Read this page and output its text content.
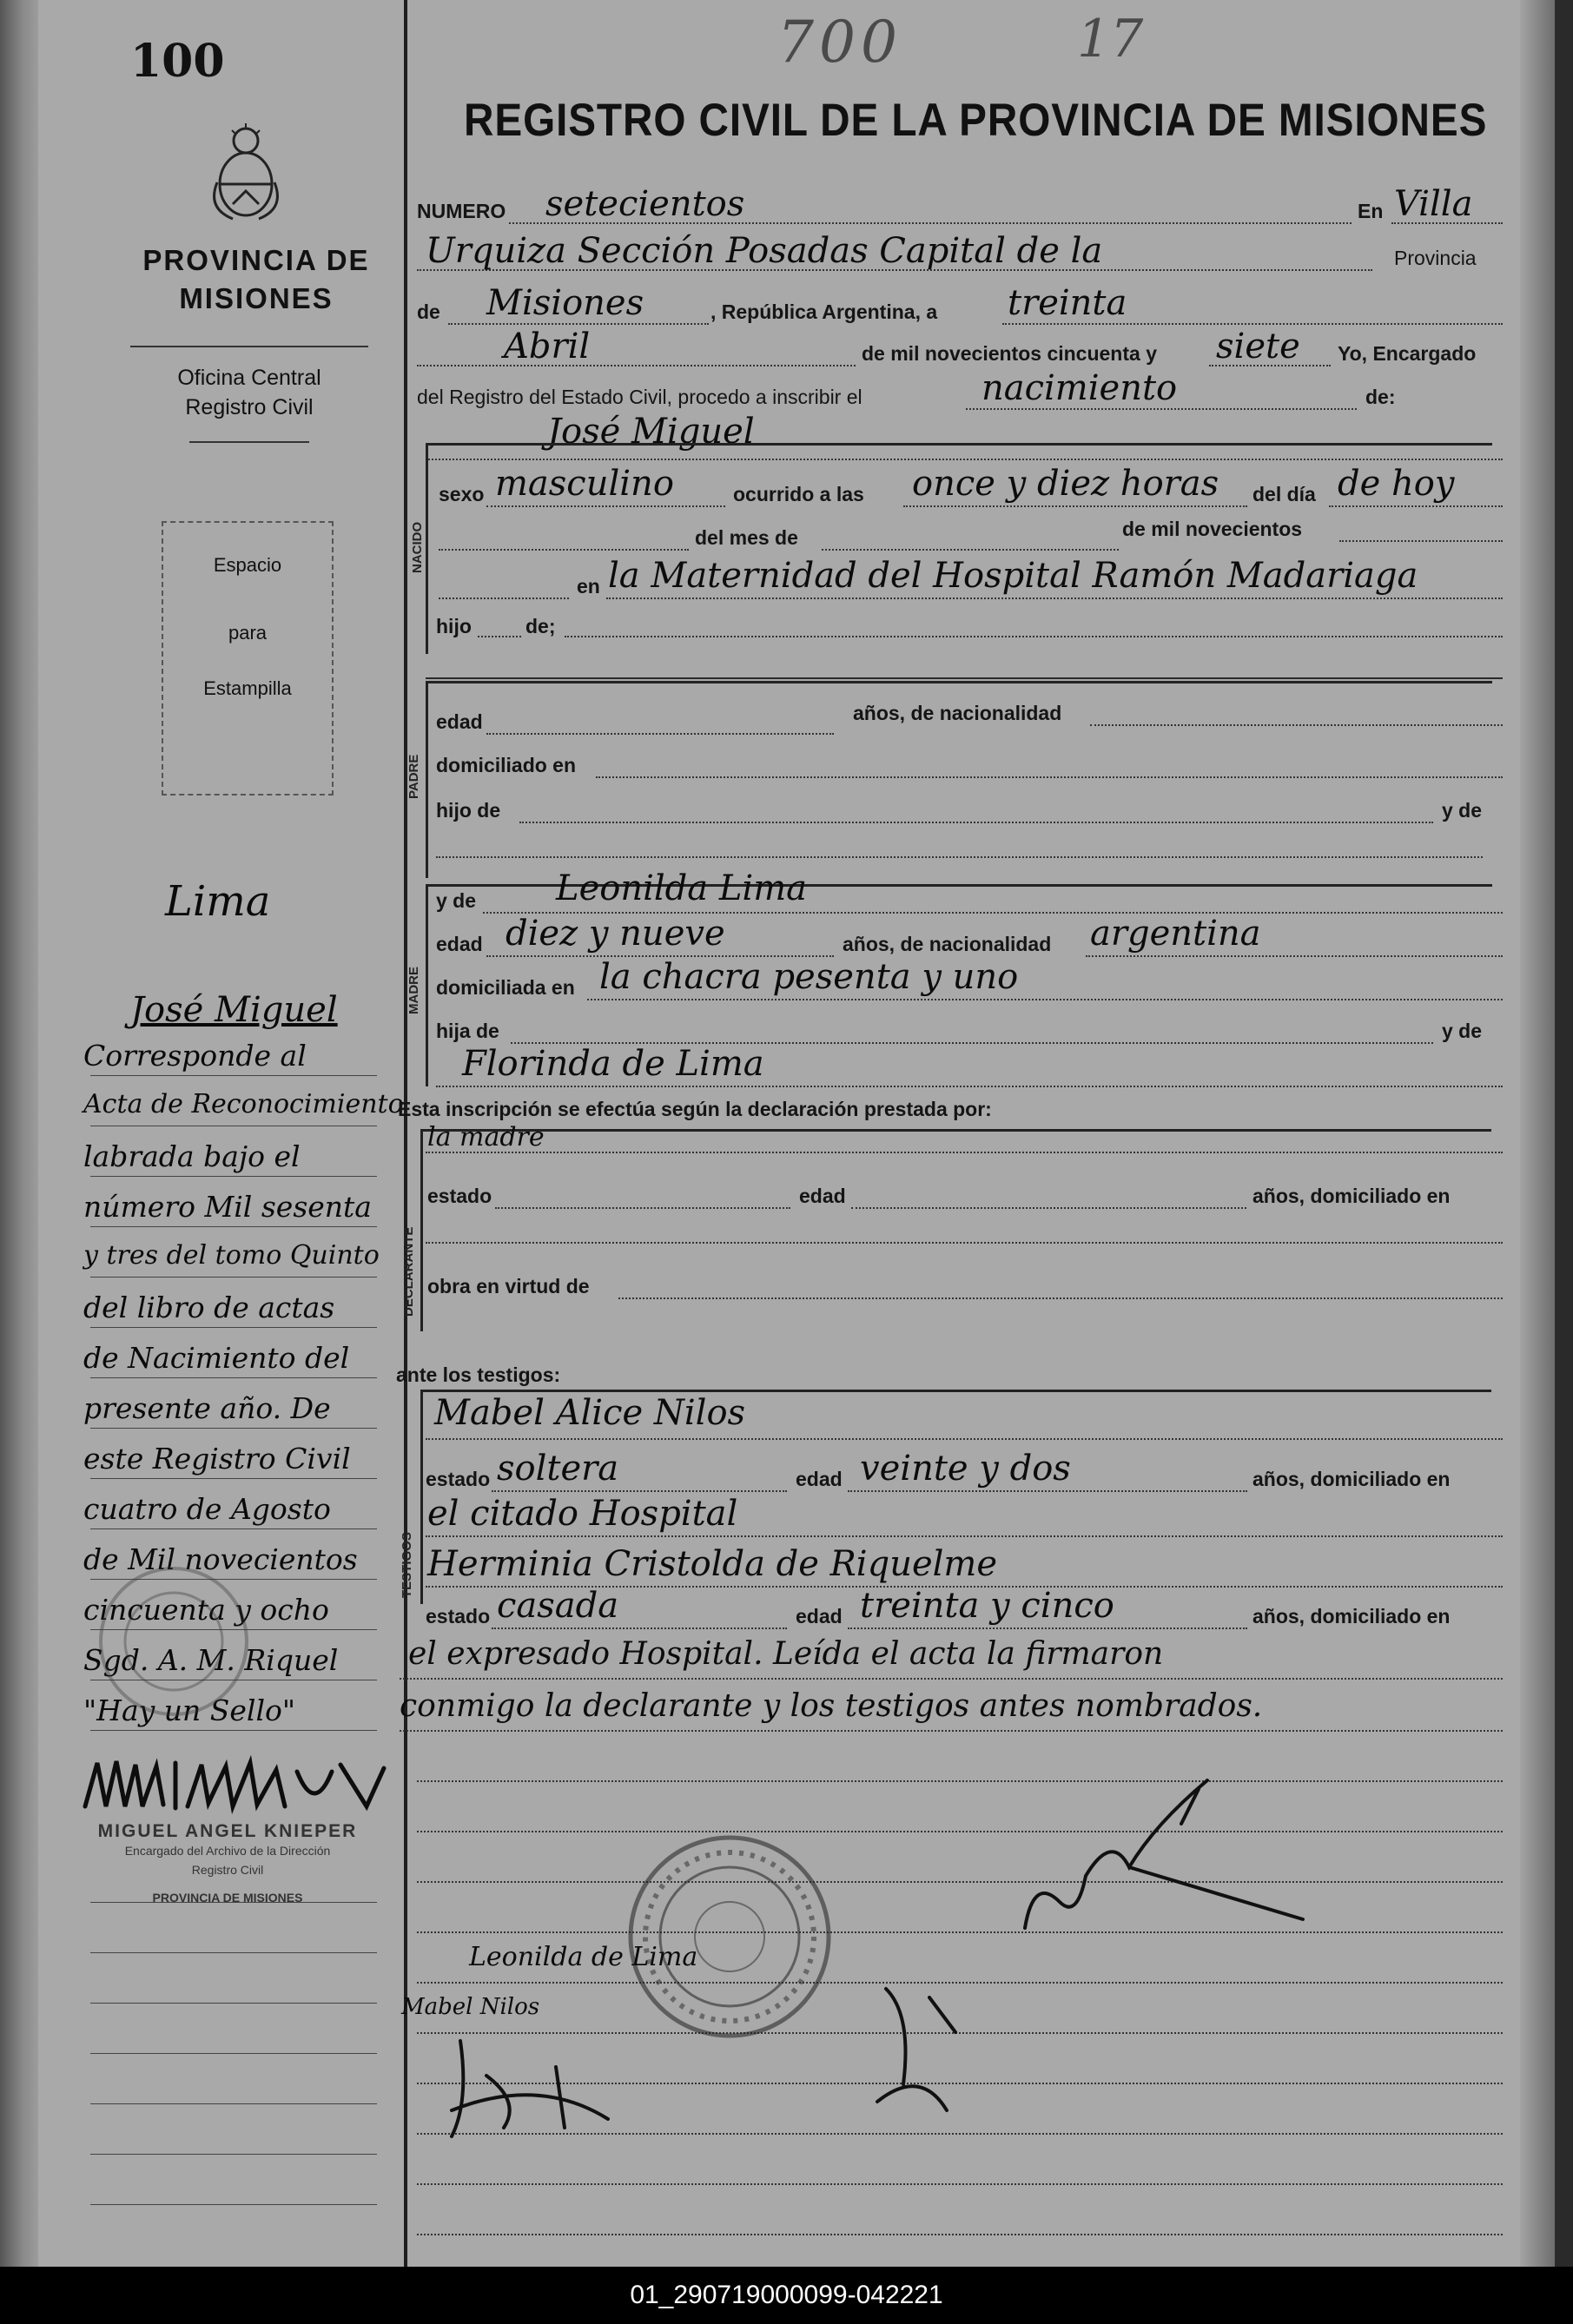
100
PROVINCIA DE
MISIONES
Oficina Central
Registro Civil
Espacio
para
Estampilla
Lima
José Miguel
Corresponde al
Acta de Reconocimiento
labrada bajo el
número Mil sesenta
y tres del tomo Quinto
del libro de actas
de Nacimiento del
presente año. De
este Registro Civil
cuatro de Agosto
de Mil novecientos
cincuenta y ocho
Sgd. A. M. Riquel
"Hay un Sello"
MIGUEL ANGEL KNIEPER
Encargado del Archivo de la Dirección
Registro Civil
PROVINCIA DE MISIONES
700	17
REGISTRO CIVIL DE LA PROVINCIA DE MISIONES
NUMERO setecientos	En Villa
Urquiza Sección Posadas Capital de la	Provincia
de Misiones	, República Argentina, a treinta
Abril	de mil novecientos cincuenta y siete Yo, Encargado
del Registro del Estado Civil, procedo a inscribir el	nacimiento	de:
José Miguel
NACIDO
sexo masculino	ocurrido a las once y diez horas del día de hoy
del mes de	de mil novecientos
en la Maternidad del Hospital Ramón Madariaga
hijo	de;
PADRE
edad	años, de nacionalidad
domiciliado en
hijo de	y de
MADRE
y de Leonilda Lima
edad diez y nueve	años, de nacionalidad argentina
domiciliada en la chacra pesenta y uno
hija de	y de
Florinda de Lima
Esta inscripción se efectúa según la declaración prestada por:
DECLARANTE
la madre
estado	edad	años, domiciliado en
obra en virtud de
ante los testigos:
TESTIGOS
Mabel Alice Nilos
estado soltera	edad veinte y dos	años, domiciliado en
el citado Hospital
Herminia Cristolda de Riquelme
estado casada	edad treinta y cinco	años, domiciliado en
el expresado Hospital. Leída el acta la firmaron
conmigo la declarante y los testigos antes nombrados.
Leonilda de Lima
Mabel Nilos
01_290719000099-042221
